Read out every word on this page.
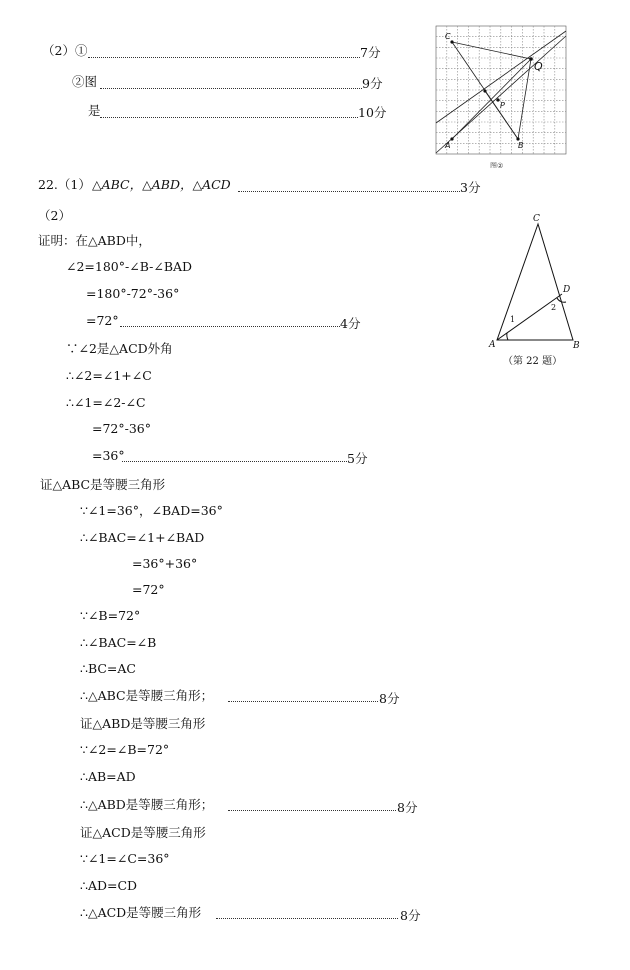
（2）①	7分
②图	9分
是	10分
C
Q
P
A	B
图②
22.（1） △ABC，△ABD，△ACD	3分
（2）
证明：在△ABD中，
∠2=180°-∠B-∠BAD
=180°-72°-36°
=72°	4分
∵∠2是△ACD外角
∴∠2=∠1+∠C
∴∠1=∠2-∠C
=72°-36°
=36°	5分
证△ABC是等腰三角形
∵∠1=36°，∠BAD=36°
∴∠BAC=∠1+∠BAD
=36°+36°
=72°
∵∠B=72°
∴∠BAC=∠B
∴BC=AC
∴△ABC是等腰三角形；	8分
证△ABD是等腰三角形
∵∠2=∠B=72°
∴AB=AD
∴△ABD是等腰三角形；	8分
证△ACD是等腰三角形
∵∠1=∠C=36°
∴AD=CD
∴△ACD是等腰三角形	8分
C
D
A	B
1
2
（第 22 题）
